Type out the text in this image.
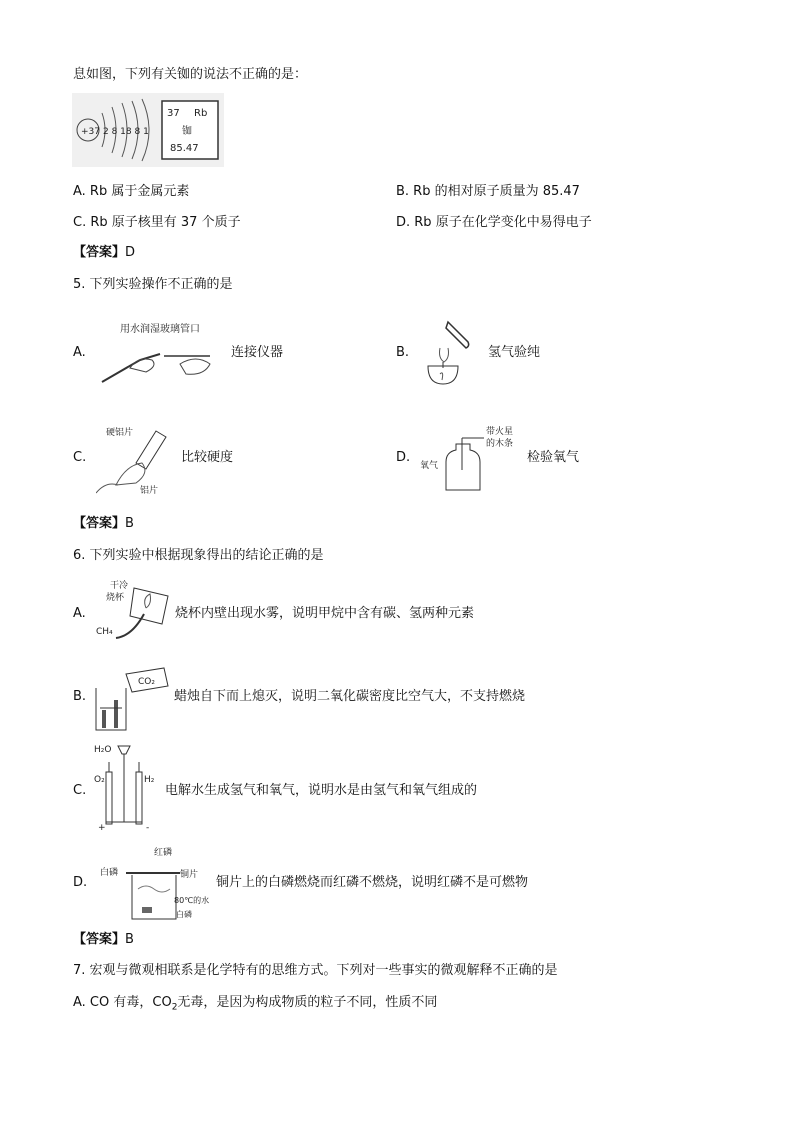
息如图，下列有关铷的说法不正确的是：
+37 2 8 18 8 1
37 Rb
铷
85.47
A. Rb 属于金属元素	B. Rb 的相对原子质量为 85.47
C. Rb 原子核里有 37 个质子	D. Rb 原子在化学变化中易得电子
【答案】D
5. 下列实验操作不正确的是
A.
用水润湿玻璃管口
连接仪器	B.	氢气验纯
C.
硬铝片
铝片
比较硬度	D.
带火星
的木条
氧气
检验氧气
【答案】B
6. 下列实验中根据现象得出的结论正确的是
A.
干冷
烧杯
CH₄
烧杯内壁出现水雾，说明甲烷中含有碳、氢两种元素
B.
CO₂
蜡烛自下而上熄灭，说明二氧化碳密度比空气大，不支持燃烧
C.
H₂O
O₂	H₂
+	-
电解水生成氢气和氧气，说明水是由氢气和氧气组成的
D.
红磷
白磷	铜片
80℃的水
白磷
铜片上的白磷燃烧而红磷不燃烧，说明红磷不是可燃物
【答案】B
7. 宏观与微观相联系是化学特有的思维方式。下列对一些事实的微观解释不正确的是
A. CO 有毒，$CO_2$无毒，是因为构成物质的粒子不同，性质不同
